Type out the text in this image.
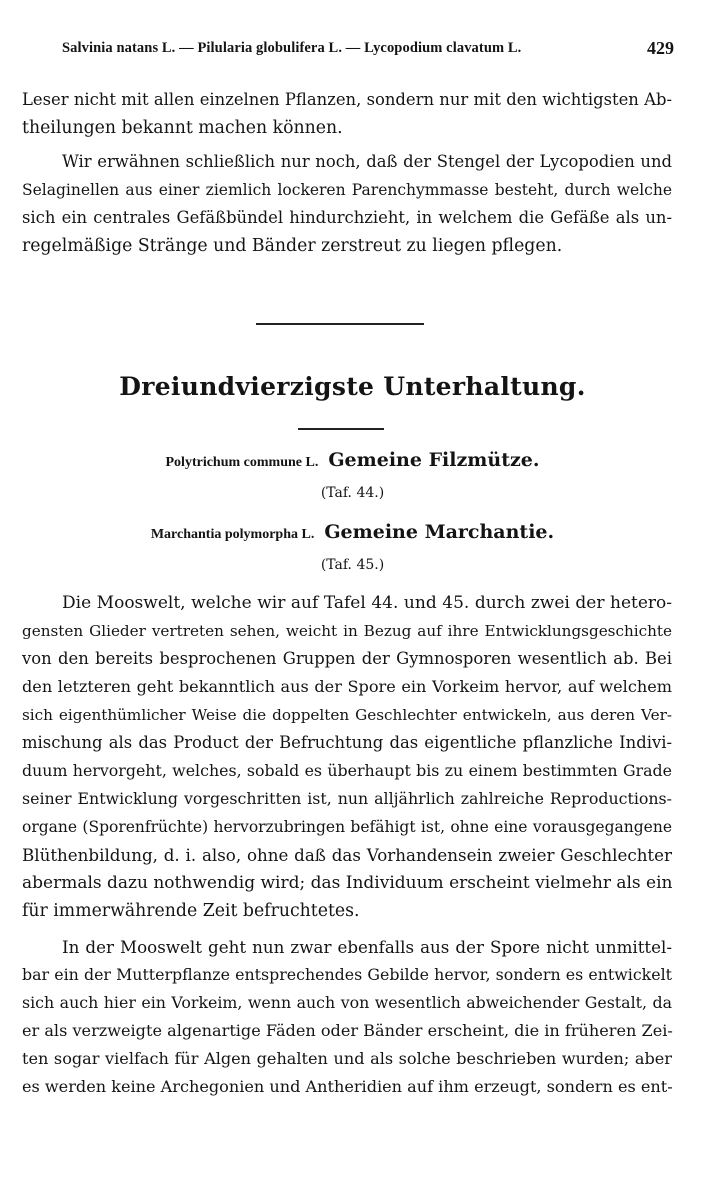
Salvinia natans L. — Pilularia globulifera L. — Lycopodium clavatum L.	429

Leser nicht mit allen einzelnen Pflanzen, sondern nur mit den wichtigsten Ab-
theilungen bekannt machen können.

Wir erwähnen schließlich nur noch, daß der Stengel der Lycopodien und
Selaginellen aus einer ziemlich lockeren Parenchymmasse besteht, durch welche
sich ein centrales Gefäßbündel hindurchzieht, in welchem die Gefäße als un-
regelmäßige Stränge und Bänder zerstreut zu liegen pflegen.

Dreiundvierzigste Unterhaltung.
Polytrichum commune L. Gemeine Filzmütze.
(Taf. 44.)
Marchantia polymorpha L. Gemeine Marchantie.
(Taf. 45.)

Die Mooswelt, welche wir auf Tafel 44. und 45. durch zwei der hetero-
gensten Glieder vertreten sehen, weicht in Bezug auf ihre Entwicklungsgeschichte
von den bereits besprochenen Gruppen der Gymnosporen wesentlich ab. Bei
den letzteren geht bekanntlich aus der Spore ein Vorkeim hervor, auf welchem
sich eigenthümlicher Weise die doppelten Geschlechter entwickeln, aus deren Ver-
mischung als das Product der Befruchtung das eigentliche pflanzliche Indivi-
duum hervorgeht, welches, sobald es überhaupt bis zu einem bestimmten Grade
seiner Entwicklung vorgeschritten ist, nun alljährlich zahlreiche Reproductions-
organe (Sporenfrüchte) hervorzubringen befähigt ist, ohne eine vorausgegangene
Blüthenbildung, d. i. also, ohne daß das Vorhandensein zweier Geschlechter
abermals dazu nothwendig wird; das Individuum erscheint vielmehr als ein
für immerwährende Zeit befruchtetes.

In der Mooswelt geht nun zwar ebenfalls aus der Spore nicht unmittel-
bar ein der Mutterpflanze entsprechendes Gebilde hervor, sondern es entwickelt
sich auch hier ein Vorkeim, wenn auch von wesentlich abweichender Gestalt, da
er als verzweigte algenartige Fäden oder Bänder erscheint, die in früheren Zei-
ten sogar vielfach für Algen gehalten und als solche beschrieben wurden; aber
es werden keine Archegonien und Antheridien auf ihm erzeugt, sondern es ent-
